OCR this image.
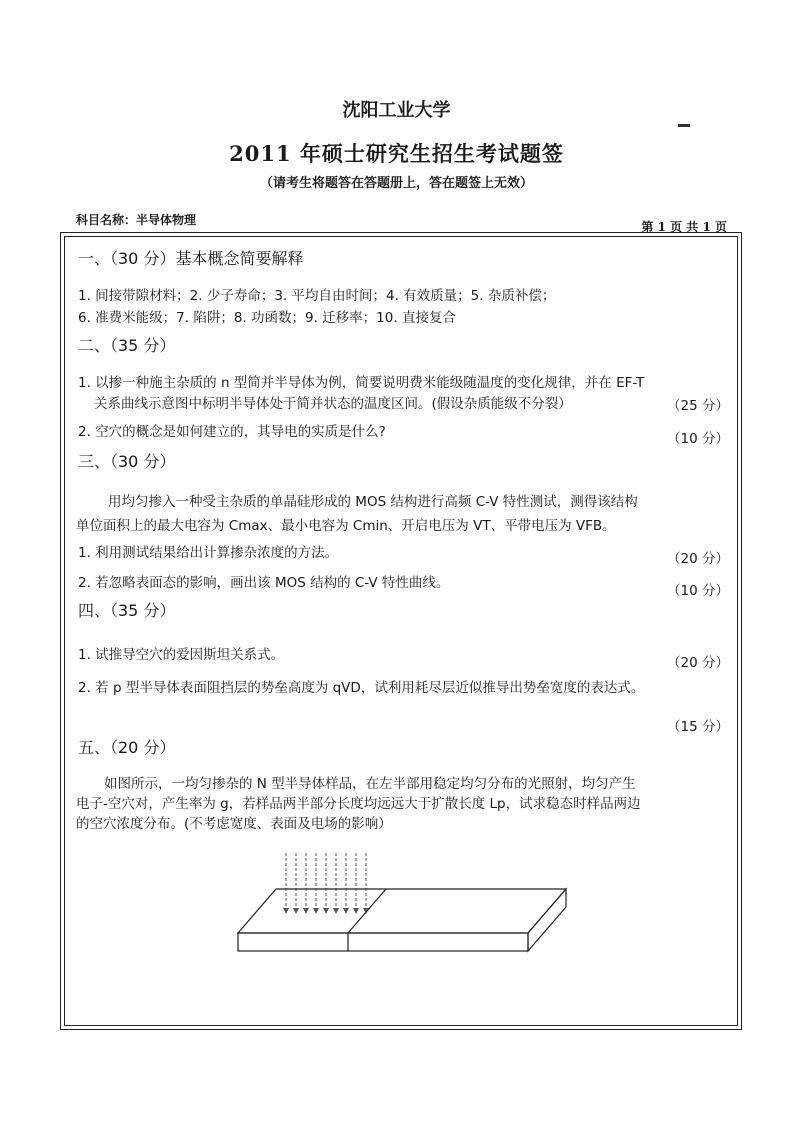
沈阳工业大学
2011 年硕士研究生招生考试题签
（请考生将题答在答题册上，答在题签上无效）
科目名称：半导体物理	第 1 页 共 1 页
一、（30 分）基本概念简要解释
1. 间接带隙材料；2. 少子寿命；3. 平均自由时间；4. 有效质量；5. 杂质补偿；
6. 准费米能级；7. 陷阱；8. 功函数；9. 迁移率；10. 直接复合
二、（35 分）
1. 以掺一种施主杂质的 n 型简并半导体为例，简要说明费米能级随温度的变化规律，并在 EF-T
关系曲线示意图中标明半导体处于简并状态的温度区间。(假设杂质能级不分裂）	（25 分）
2. 空穴的概念是如何建立的，其导电的实质是什么?	（10 分）
三、（30 分）
用均匀掺入一种受主杂质的单晶硅形成的 MOS 结构进行高频 C-V 特性测试，测得该结构
单位面积上的最大电容为 Cmax、最小电容为 Cmin、开启电压为 VT、平带电压为 VFB。
1. 利用测试结果给出计算掺杂浓度的方法。	（20 分）
2. 若忽略表面态的影响，画出该 MOS 结构的 C-V 特性曲线。	（10 分）
四、（35 分）
1. 试推导空穴的爱因斯坦关系式。	（20 分）
2. 若 p 型半导体表面阻挡层的势垒高度为 qVD，试利用耗尽层近似推导出势垒宽度的表达式。
（15 分）
五、（20 分）
如图所示，一均匀掺杂的 N 型半导体样品，在左半部用稳定均匀分布的光照射，均匀产生
电子-空穴对，产生率为 g，若样品两半部分长度均远远大于扩散长度 Lp，试求稳态时样品两边
的空穴浓度分布。(不考虑宽度、表面及电场的影响）
